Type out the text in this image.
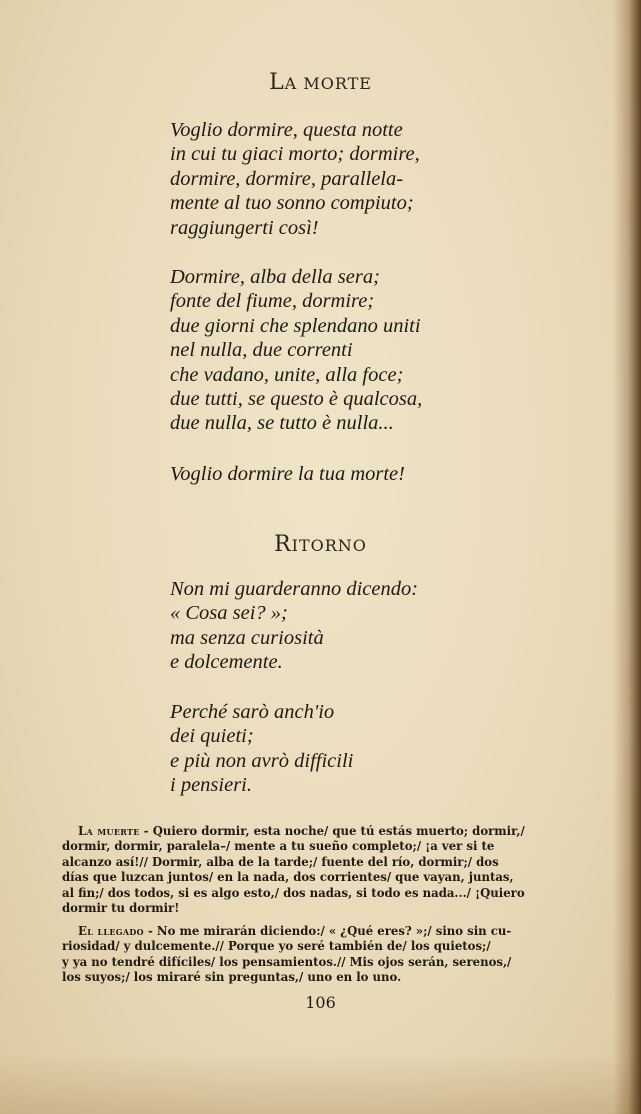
LA MORTE
Voglio dormire, questa notte
in cui tu giaci morto; dormire,
dormire, dormire, parallela-
mente al tuo sonno compiuto;
raggiungerti così!
Dormire, alba della sera;
fonte del fiume, dormire;
due giorni che splendano uniti
nel nulla, due correnti
che vadano, unite, alla foce;
due tutti, se questo è qualcosa,
due nulla, se tutto è nulla...
Voglio dormire la tua morte!
RITORNO
Non mi guarderanno dicendo:
« Cosa sei? »;
ma senza curiosità
e dolcemente.
Perché sarò anch'io
dei quieti;
e più non avrò difficili
i pensieri.
La muerte - Quiero dormir, esta noche/ que tú estás muerto; dormir,/
dormir, dormir, paralela–/ mente a tu sueño completo;/ ¡a ver si te
alcanzo así!// Dormir, alba de la tarde;/ fuente del río, dormir;/ dos
días que luzcan juntos/ en la nada, dos corrientes/ que vayan, juntas,
al fin;/ dos todos, si es algo esto,/ dos nadas, si todo es nada.../ ¡Quiero
dormir tu dormir!
El llegado - No me mirarán diciendo:/ « ¿Qué eres? »;/ sino sin cu-
riosidad/ y dulcemente.// Porque yo seré también de/ los quietos;/
y ya no tendré difíciles/ los pensamientos.// Mis ojos serán, serenos,/
los suyos;/ los miraré sin preguntas,/ uno en lo uno.
106
